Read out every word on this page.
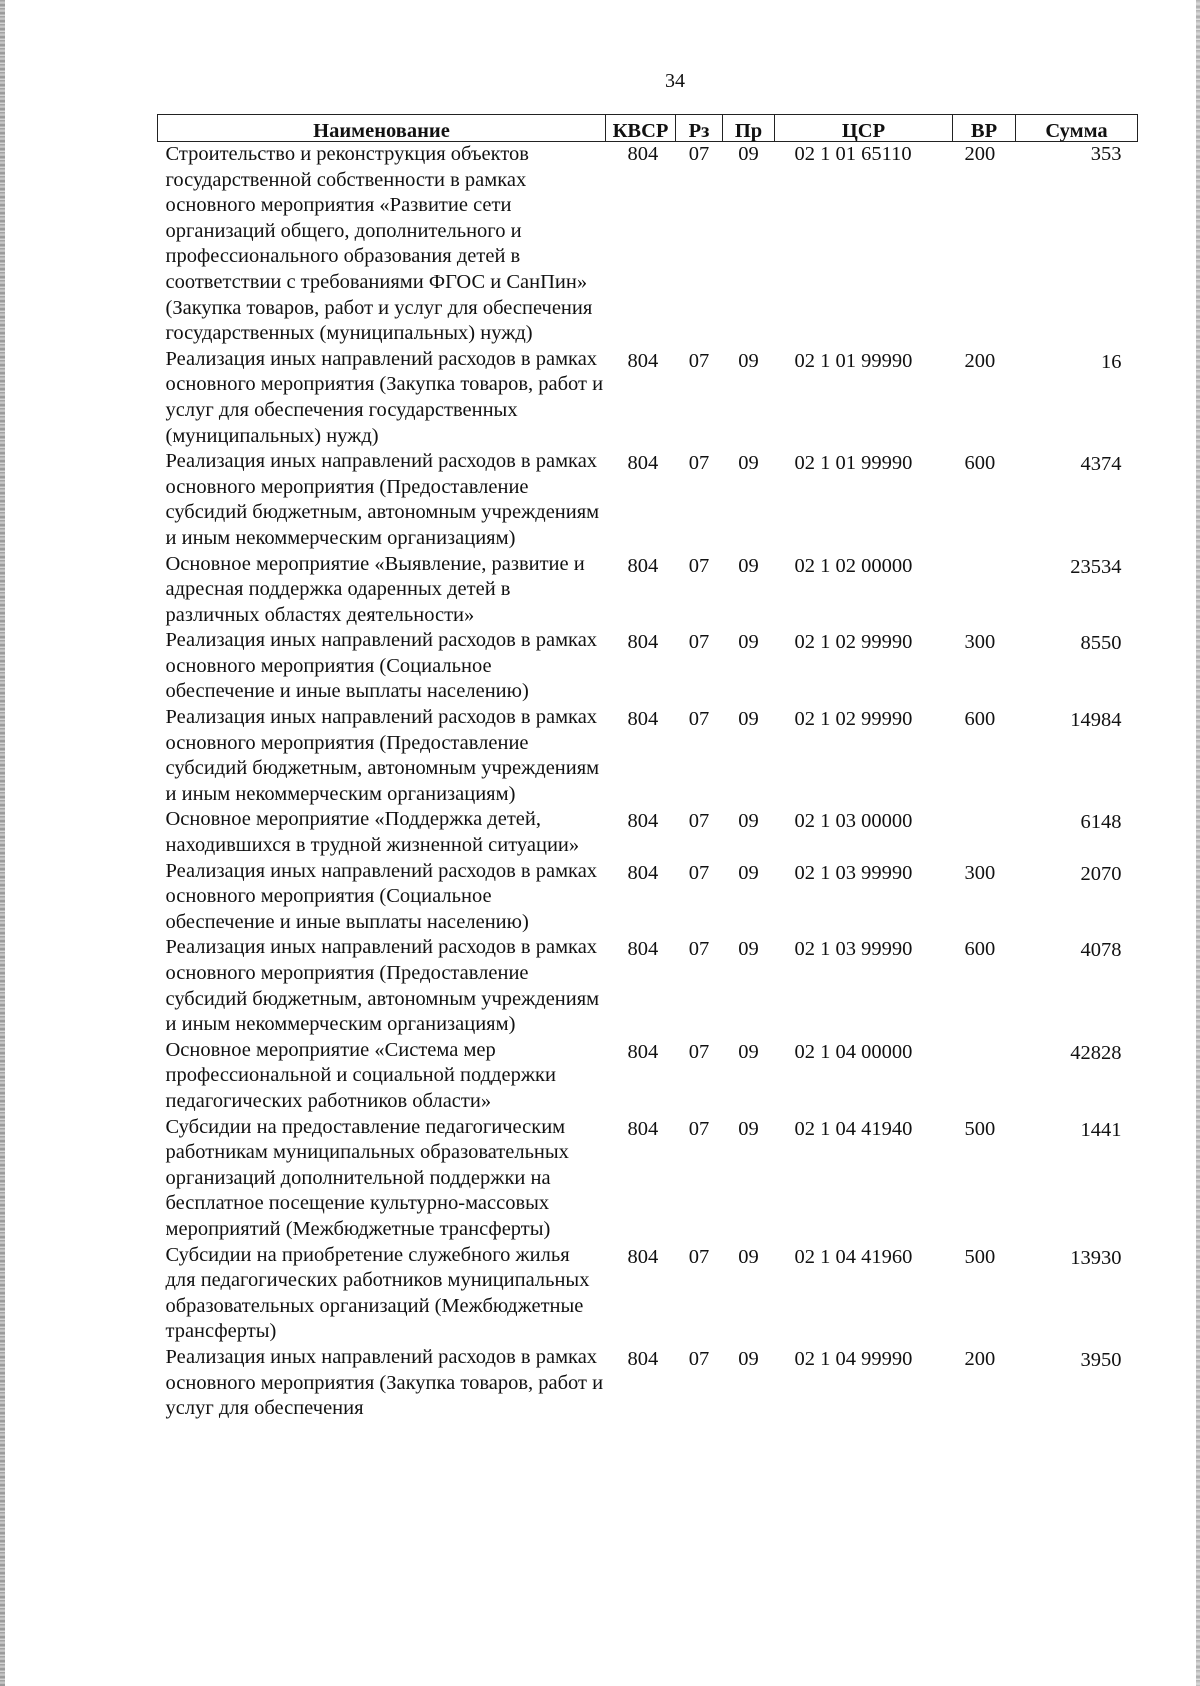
34
Наименование	КВСР	Рз	Пр	ЦСР	ВР	Сумма
Строительство и реконструкция объектов государственной собственности в рамках основного мероприятия «Развитие сети организаций общего, дополнительного и профессионального образования детей в соответствии с требованиями ФГОС и СанПин» (Закупка товаров, работ и услуг для обеспечения государственных (муниципальных) нужд)	804	07	09	02 1 01 65110	200	353
Реализация иных направлений расходов в рамках основного мероприятия (Закупка товаров, работ и услуг для обеспечения государственных (муниципальных) нужд)	804	07	09	02 1 01 99990	200	16
Реализация иных направлений расходов в рамках основного мероприятия (Предоставление субсидий бюджетным, автономным учреждениям и иным некоммерческим организациям)	804	07	09	02 1 01 99990	600	4374
Основное мероприятие «Выявление, развитие и адресная поддержка одаренных детей в различных областях деятельности»	804	07	09	02 1 02 00000		23534
Реализация иных направлений расходов в рамках основного мероприятия (Социальное обеспечение и иные выплаты населению)	804	07	09	02 1 02 99990	300	8550
Реализация иных направлений расходов в рамках основного мероприятия (Предоставление субсидий бюджетным, автономным учреждениям и иным некоммерческим организациям)	804	07	09	02 1 02 99990	600	14984
Основное мероприятие «Поддержка детей, находившихся в трудной жизненной ситуации»	804	07	09	02 1 03 00000		6148
Реализация иных направлений расходов в рамках основного мероприятия (Социальное обеспечение и иные выплаты населению)	804	07	09	02 1 03 99990	300	2070
Реализация иных направлений расходов в рамках основного мероприятия (Предоставление субсидий бюджетным, автономным учреждениям и иным некоммерческим организациям)	804	07	09	02 1 03 99990	600	4078
Основное мероприятие «Система мер профессиональной и социальной поддержки педагогических работников области»	804	07	09	02 1 04 00000		42828
Субсидии на предоставление педагогическим работникам муниципальных образовательных организаций дополнительной поддержки на бесплатное посещение культурно-массовых мероприятий (Межбюджетные трансферты)	804	07	09	02 1 04 41940	500	1441
Субсидии на приобретение служебного жилья для педагогических работников муниципальных образовательных организаций (Межбюджетные трансферты)	804	07	09	02 1 04 41960	500	13930
Реализация иных направлений расходов в рамках основного мероприятия (Закупка товаров, работ и услуг для обеспечения	804	07	09	02 1 04 99990	200	3950
